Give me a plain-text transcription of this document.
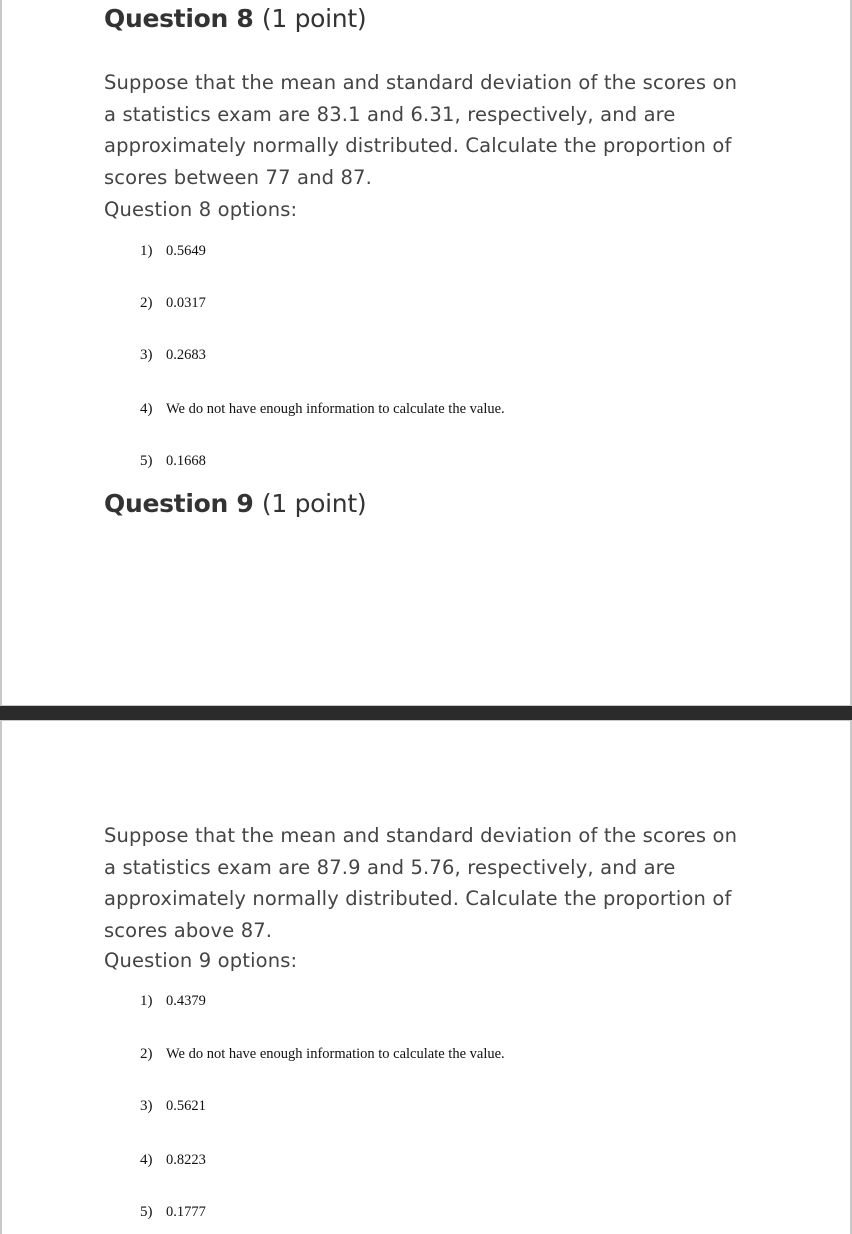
Question 8 (1 point)

Suppose that the mean and standard deviation of the scores on a statistics exam are 83.1 and 6.31, respectively, and are approximately normally distributed. Calculate the proportion of scores between 77 and 87.

Question 8 options:

1) 0.5649
2) 0.0317
3) 0.2683
4) We do not have enough information to calculate the value.
5) 0.1668
Question 9 (1 point)

Suppose that the mean and standard deviation of the scores on a statistics exam are 87.9 and 5.76, respectively, and are approximately normally distributed. Calculate the proportion of scores above 87.

Question 9 options:

1) 0.4379
2) We do not have enough information to calculate the value.
3) 0.5621
4) 0.8223
5) 0.1777
